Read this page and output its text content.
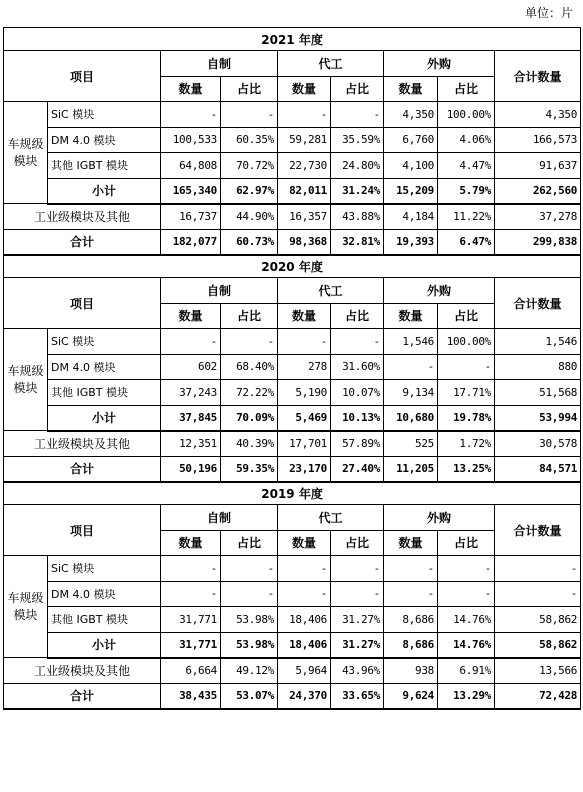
单位：片
2021 年度								
项目		自制		代工		外购		合计数量
		数量	占比	数量	占比	数量	占比	
车规级模块	SiC 模块	-	-	-	-	4,350	100.00%	4,350
	DM 4.0 模块	100,533	60.35%	59,281	35.59%	6,760	4.06%	166,573
	其他 IGBT 模块	64,808	70.72%	22,730	24.80%	4,100	4.47%	91,637
	小计	165,340	62.97%	82,011	31.24%	15,209	5.79%	262,560
工业级模块及其他		16,737	44.90%	16,357	43.88%	4,184	11.22%	37,278
合计		182,077	60.73%	98,368	32.81%	19,393	6.47%	299,838
2020 年度								
项目		自制		代工		外购		合计数量
		数量	占比	数量	占比	数量	占比	
车规级模块	SiC 模块	-	-	-	-	1,546	100.00%	1,546
	DM 4.0 模块	602	68.40%	278	31.60%	-	-	880
	其他 IGBT 模块	37,243	72.22%	5,190	10.07%	9,134	17.71%	51,568
	小计	37,845	70.09%	5,469	10.13%	10,680	19.78%	53,994
工业级模块及其他		12,351	40.39%	17,701	57.89%	525	1.72%	30,578
合计		50,196	59.35%	23,170	27.40%	11,205	13.25%	84,571
2019 年度								
项目		自制		代工		外购		合计数量
		数量	占比	数量	占比	数量	占比	
车规级模块	SiC 模块	-	-	-	-	-	-	-
	DM 4.0 模块	-	-	-	-	-	-	-
	其他 IGBT 模块	31,771	53.98%	18,406	31.27%	8,686	14.76%	58,862
	小计	31,771	53.98%	18,406	31.27%	8,686	14.76%	58,862
工业级模块及其他		6,664	49.12%	5,964	43.96%	938	6.91%	13,566
合计		38,435	53.07%	24,370	33.65%	9,624	13.29%	72,428
